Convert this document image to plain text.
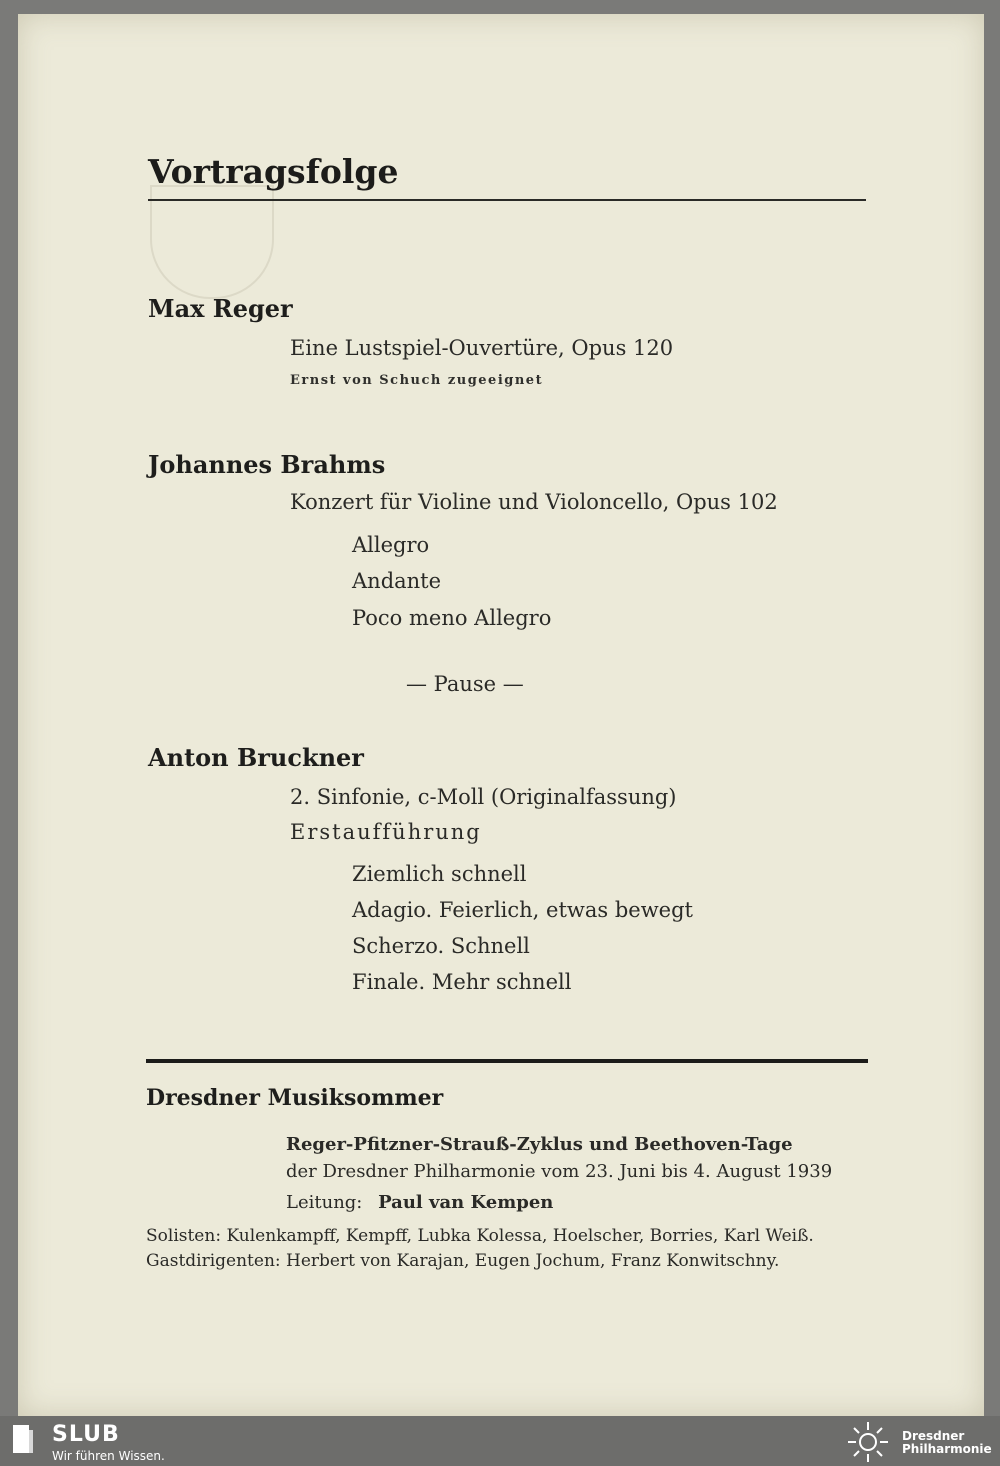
Vortragsfolge
Max Reger
Eine Lustspiel-Ouvertüre, Opus 120
Ernst von Schuch zugeeignet
Johannes Brahms
Konzert für Violine und Violoncello, Opus 102
Allegro
Andante
Poco meno Allegro
— Pause —
Anton Bruckner
2. Sinfonie, c-Moll (Originalfassung)
Erstaufführung
Ziemlich schnell
Adagio. Feierlich, etwas bewegt
Scherzo. Schnell
Finale. Mehr schnell
Dresdner Musiksommer
Reger-Pfitzner-Strauß-Zyklus und Beethoven-Tage
der Dresdner Philharmonie vom 23. Juni bis 4. August 1939
Leitung: Paul van Kempen
Solisten: Kulenkampff, Kempff, Lubka Kolessa, Hoelscher, Borries, Karl Weiß.
Gastdirigenten: Herbert von Karajan, Eugen Jochum, Franz Konwitschny.
SLUB
Wir führen Wissen.
Dresdner
Philharmonie
